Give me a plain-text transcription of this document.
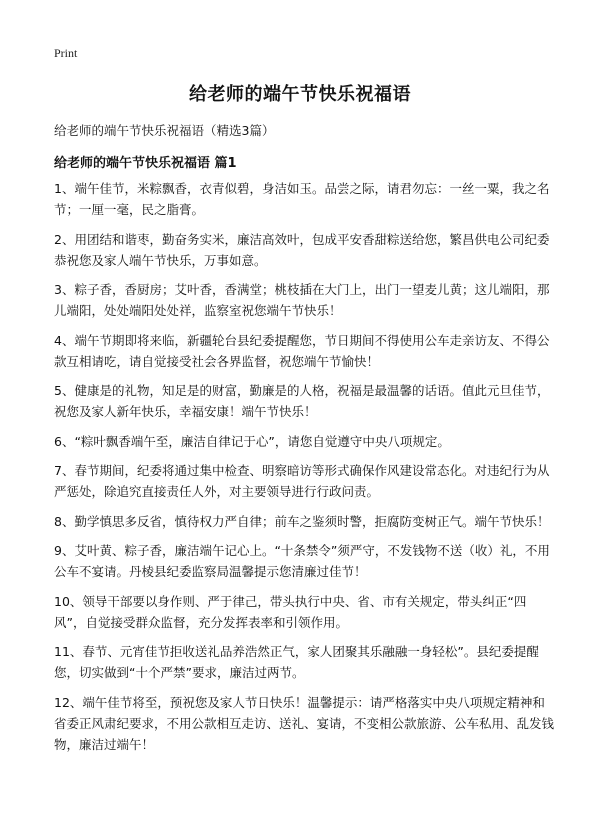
Print
给老师的端午节快乐祝福语

给老师的端午节快乐祝福语（精选3篇）

给老师的端午节快乐祝福语 篇1

1、端午佳节，米粽飘香，衣青似碧，身洁如玉。品尝之际，请君勿忘：一丝一粟，我之名节；一厘一毫，民之脂膏。

2、用团结和谐枣，勤奋务实米，廉洁高效叶，包成平安香甜粽送给您，繁昌供电公司纪委恭祝您及家人端午节快乐，万事如意。

3、粽子香，香厨房；艾叶香，香满堂；桃枝插在大门上，出门一望麦儿黄；这儿端阳，那儿端阳，处处端阳处处祥，监察室祝您端午节快乐！

4、端午节期即将来临，新疆轮台县纪委提醒您，节日期间不得使用公车走亲访友、不得公款互相请吃，请自觉接受社会各界监督，祝您端午节愉快！

5、健康是的礼物，知足是的财富，勤廉是的人格，祝福是最温馨的话语。值此元旦佳节，祝您及家人新年快乐，幸福安康！端午节快乐！

6、“粽叶飘香端午至，廉洁自律记于心”，请您自觉遵守中央八项规定。

7、春节期间，纪委将通过集中检查、明察暗访等形式确保作风建设常态化。对违纪行为从严惩处，除追究直接责任人外，对主要领导进行行政问责。

8、勤学慎思多反省，慎待权力严自律；前车之鉴须时警，拒腐防变树正气。端午节快乐！

9、艾叶黄、粽子香，廉洁端午记心上。“十条禁令”须严守，不发钱物不送（收）礼，不用公车不宴请。丹棱县纪委监察局温馨提示您清廉过佳节！

10、领导干部要以身作则、严于律己，带头执行中央、省、市有关规定，带头纠正“四风”，自觉接受群众监督，充分发挥表率和引领作用。

11、春节、元宵佳节拒收送礼品养浩然正气，家人团聚其乐融融一身轻松”。县纪委提醒您，切实做到“十个严禁”要求，廉洁过两节。

12、端午佳节将至，预祝您及家人节日快乐！温馨提示：请严格落实中央八项规定精神和省委正风肃纪要求，不用公款相互走访、送礼、宴请，不变相公款旅游、公车私用、乱发钱物，廉洁过端午！
